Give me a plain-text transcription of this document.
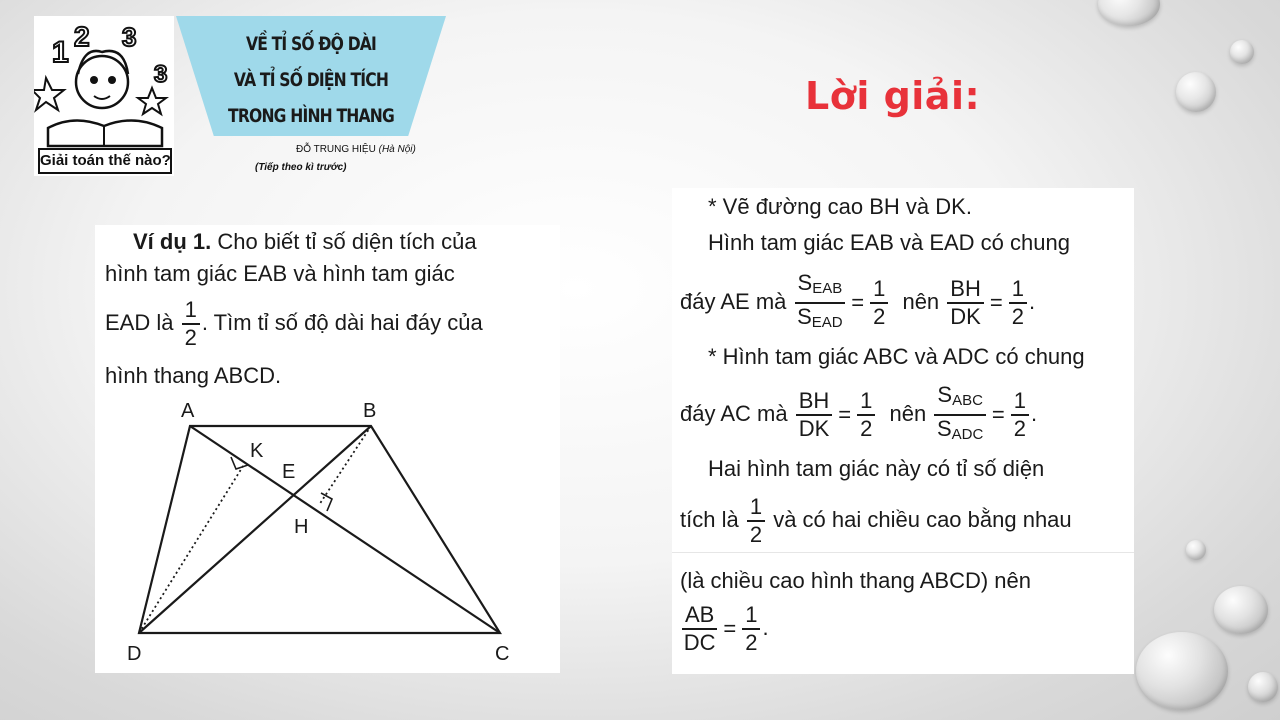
1 2 3
3
Giải toán thế nào?
VỀ TỈ SỐ ĐỘ DÀI
VÀ TỈ SỐ DIỆN TÍCH
TRONG HÌNH THANG
ĐỖ TRUNG HIỆU (Hà Nội)
(Tiếp theo kì trước)
Lời giải:
Ví dụ 1. Cho biết tỉ số diện tích của
hình tam giác EAB và hình tam giác
EAD là $\frac{1}{2}$ . Tìm tỉ số độ dài hai đáy của
hình thang ABCD.
A	B
C
D
E
H
K
* Vẽ đường cao BH và DK.
Hình tam giác EAB và EAD có chung
đáy AE mà $\frac{S_{EAB}}{S_{EAD}} = \frac{1}{2}$ nên $\frac{BH}{DK} = \frac{1}{2}$ .
* Hình tam giác ABC và ADC có chung
đáy AC mà $\frac{BH}{DK} = \frac{1}{2}$ nên $\frac{S_{ABC}}{S_{ADC}} = \frac{1}{2}$ .
Hai hình tam giác này có tỉ số diện
tích là $\frac{1}{2}$ và có hai chiều cao bằng nhau
(là chiều cao hình thang ABCD) nên
$\frac{AB}{DC} = \frac{1}{2}$ .
